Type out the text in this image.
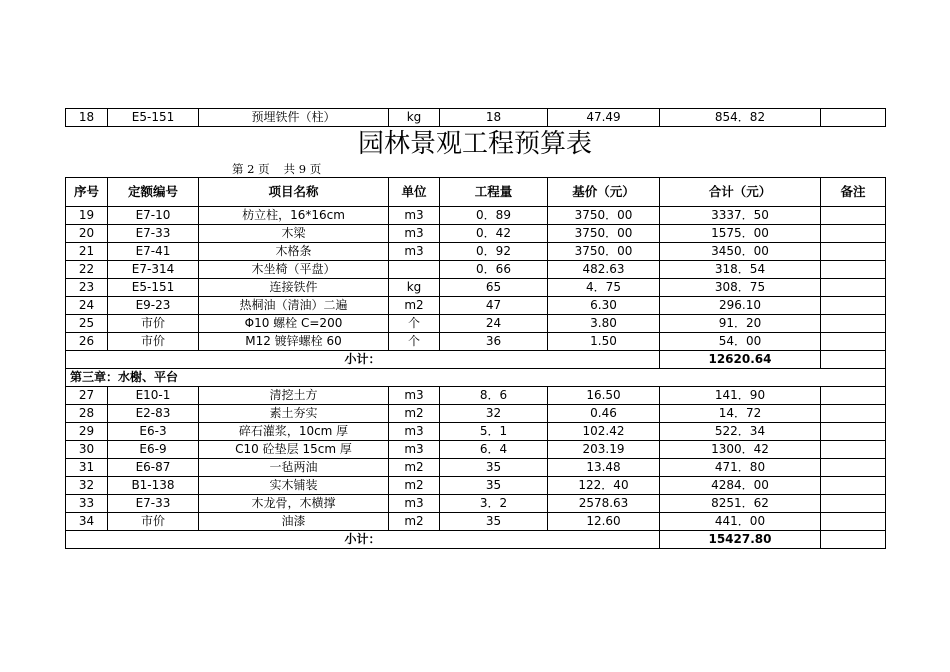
18	E5-151	预埋铁件（柱）	kg	18	47.49	854．82	
园林景观工程预算表
第 2 页 共 9 页
序号	定额编号	项目名称	单位	工程量	基价（元）	合计（元）	备注
19	E7-10	枋立柱，16*16cm	m3	0．89	3750．00	3337．50	
20	E7-33	木梁	m3	0．42	3750．00	1575．00	
21	E7-41	木格条	m3	0．92	3750．00	3450．00	
22	E7-314	木坐椅（平盘）		0．66	482.63	318．54	
23	E5-151	连接铁件	kg	65	4．75	308．75	
24	E9-23	热桐油（清油）二遍	m2	47	6.30	296.10	
25	市价	Φ10 螺栓 C=200	个	24	3.80	91．20	
26	市价	M12 镀锌螺栓 60	个	36	1.50	54．00	
小计：						12620.64	
第三章：水榭、平台							
27	E10-1	清挖土方	m3	8．6	16.50	141．90	
28	E2-83	素土夯实	m2	32	0.46	14．72	
29	E6-3	碎石灌浆，10cm 厚	m3	5．1	102.42	522．34	
30	E6-9	C10 砼垫层 15cm 厚	m3	6．4	203.19	1300．42	
31	E6-87	一毡两油	m2	35	13.48	471．80	
32	B1-138	实木铺装	m2	35	122．40	4284．00	
33	E7-33	木龙骨，木横撑	m3	3．2	2578.63	8251．62	
34	市价	油漆	m2	35	12.60	441．00	
小计：						15427.80	
